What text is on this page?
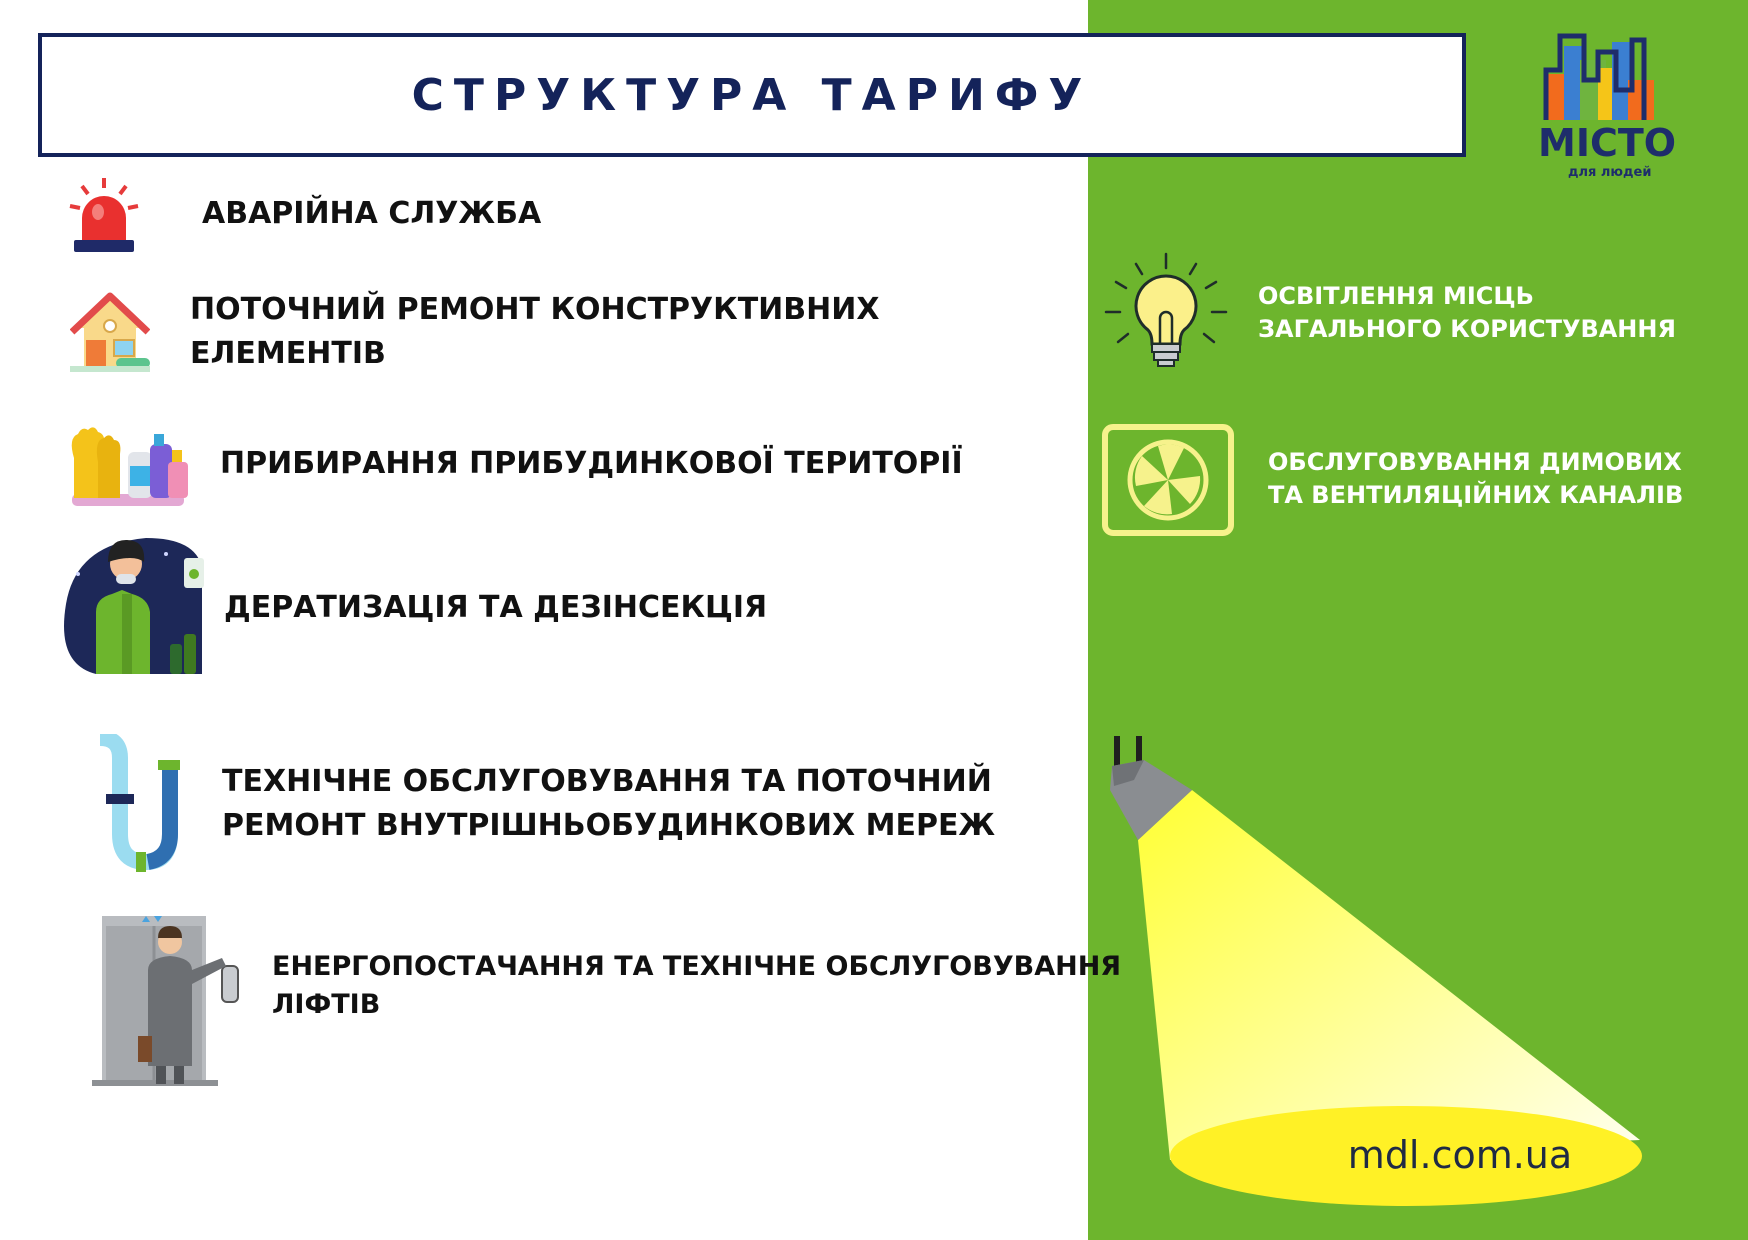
СТРУКТУРА ТАРИФУ
МІСТО
для людей
АВАРІЙНА СЛУЖБА
ПОТОЧНИЙ РЕМОНТ КОНСТРУКТИВНИХ
ЕЛЕМЕНТІВ
ПРИБИРАННЯ ПРИБУДИНКОВОЇ ТЕРИТОРІЇ
ДЕРАТИЗАЦІЯ ТА ДЕЗІНСЕКЦІЯ
ТЕХНІЧНЕ ОБСЛУГОВУВАННЯ ТА ПОТОЧНИЙ
РЕМОНТ ВНУТРІШНЬОБУДИНКОВИХ МЕРЕЖ
ЕНЕРГОПОСТАЧАННЯ ТА ТЕХНІЧНЕ ОБСЛУГОВУВАННЯ
ЛІФТІВ
ОСВІТЛЕННЯ МІСЦЬ
ЗАГАЛЬНОГО КОРИСТУВАННЯ
ОБСЛУГОВУВАННЯ ДИМОВИХ
ТА ВЕНТИЛЯЦІЙНИХ КАНАЛІВ
mdl.com.ua
